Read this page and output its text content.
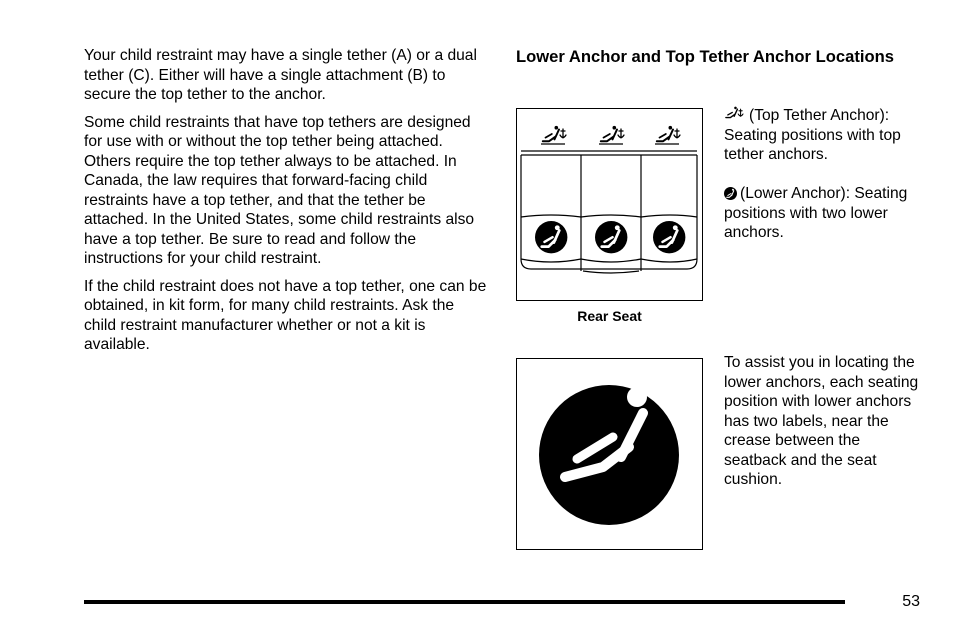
Your child restraint may have a single tether (A) or a dual tether (C). Either will have a single attachment (B) to secure the top tether to the anchor.

Some child restraints that have top tethers are designed for use with or without the top tether being attached. Others require the top tether always to be attached. In Canada, the law requires that forward-facing child restraints have a top tether, and that the tether be attached. In the United States, some child restraints also have a top tether. Be sure to read and follow the instructions for your child restraint.

If the child restraint does not have a top tether, one can be obtained, in kit form, for many child restraints. Ask the child restraint manufacturer whether or not a kit is available.

Lower Anchor and Top Tether Anchor Locations
Rear Seat

(Top Tether Anchor): Seating positions with top tether anchors.

(Lower Anchor): Seating positions with two lower anchors.

To assist you in locating the lower anchors, each seating position with lower anchors has two labels, near the crease between the seatback and the seat cushion.

53
